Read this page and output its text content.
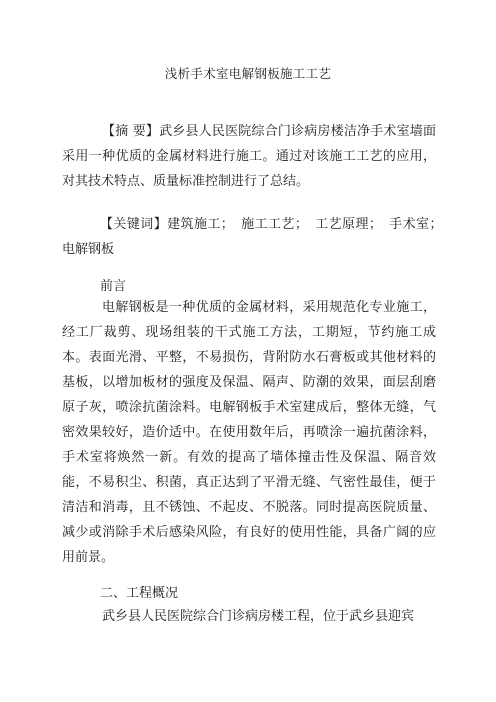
浅析手术室电解钢板施工工艺
【摘 要】武乡县人民医院综合门诊病房楼洁净手术室墙面采用一种优质的金属材料进行施工。通过对该施工工艺的应用，对其技术特点、质量标准控制进行了总结。
【关键词】建筑施工；　施工工艺；　工艺原理；　手术室；　电解钢板
前言
电解钢板是一种优质的金属材料，采用规范化专业施工，经工厂裁剪、现场组装的干式施工方法，工期短，节约施工成本。表面光滑、平整，不易损伤，背附防水石膏板或其他材料的基板，以增加板材的强度及保温、隔声、防潮的效果，面层刮磨原子灰，喷涂抗菌涂料。电解钢板手术室建成后，整体无缝，气密效果较好，造价适中。在使用数年后，再喷涂一遍抗菌涂料，手术室将焕然一新。有效的提高了墙体撞击性及保温、隔音效能，不易积尘、积菌，真正达到了平滑无缝、气密性最佳，便于清洁和消毒，且不锈蚀、不起皮、不脱落。同时提高医院质量、减少或消除手术后感染风险，有良好的使用性能，具备广阔的应用前景。
二、工程概况
武乡县人民医院综合门诊病房楼工程，位于武乡县迎宾
